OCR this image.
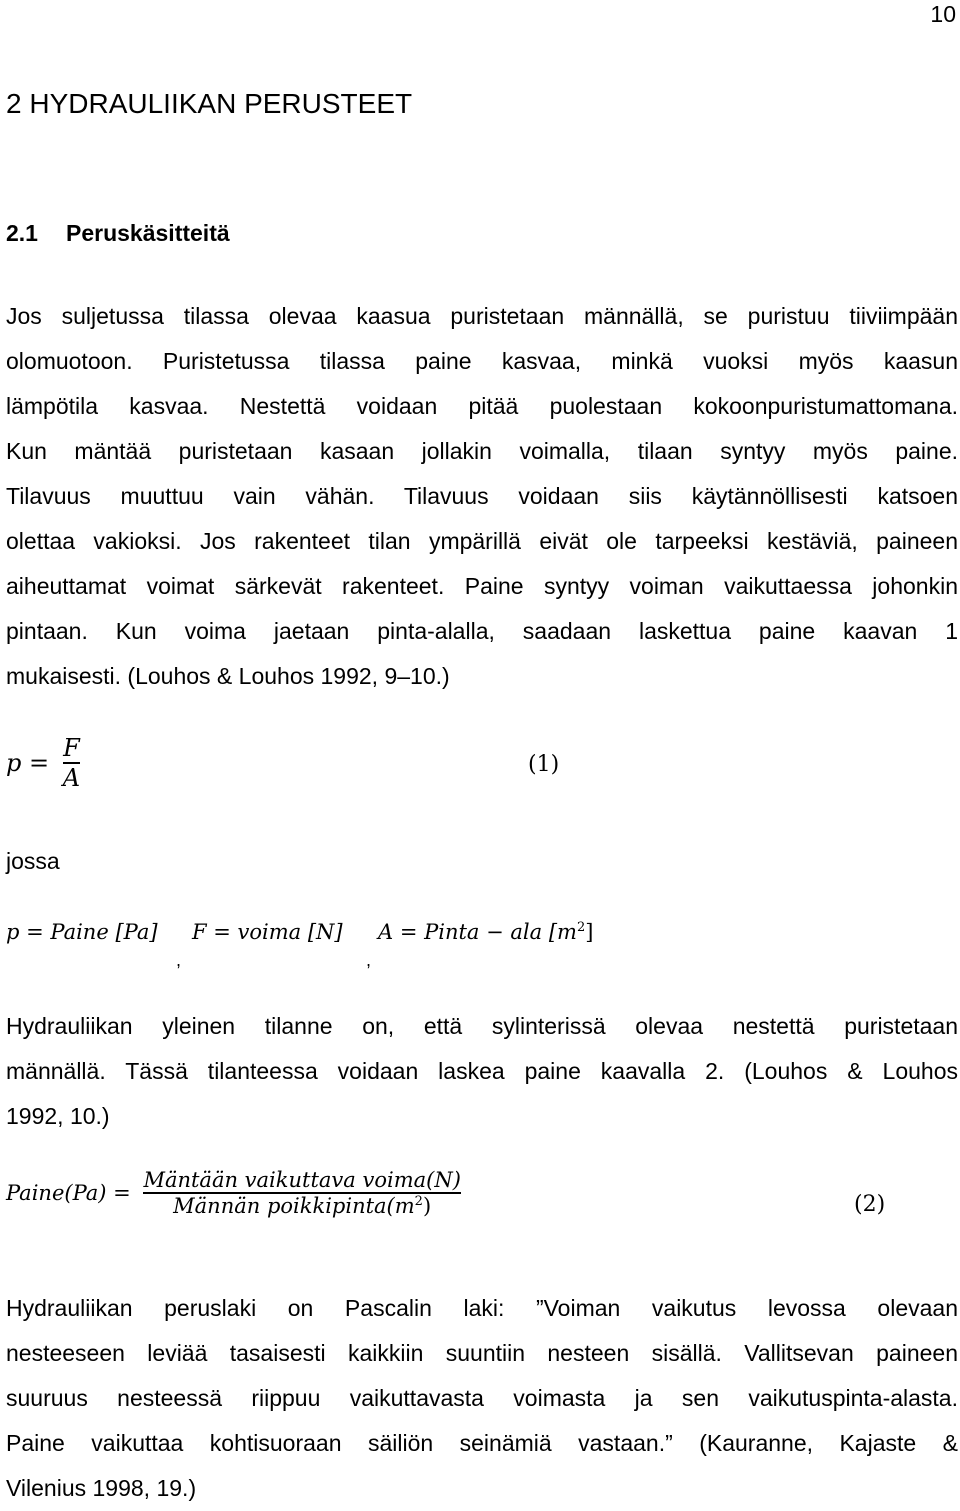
10
2 HYDRAULIIKAN PERUSTEET
2.1 Peruskäsitteitä

Jos suljetussa tilassa olevaa kaasua puristetaan männällä, se puristuu tiiviimpään
olomuotoon. Puristetussa tilassa paine kasvaa, minkä vuoksi myös kaasun
lämpötila kasvaa. Nestettä voidaan pitää puolestaan kokoonpuristumattomana.
Kun mäntää puristetaan kasaan jollakin voimalla, tilaan syntyy myös paine.
Tilavuus muuttuu vain vähän. Tilavuus voidaan siis käytännöllisesti katsoen
olettaa vakioksi. Jos rakenteet tilan ympärillä eivät ole tarpeeksi kestäviä, paineen
aiheuttamat voimat särkevät rakenteet. Paine syntyy voiman vaikuttaessa johonkin
pintaan. Kun voima jaetaan pinta-alalla, saadaan laskettua paine kaavan 1
mukaisesti. (Louhos & Louhos 1992, 9–10.)

$p = \frac{F}{A}$	(1)
jossa
p = Paine [Pa] F = voima [N] A = Pinta − ala $[m^2]$
,	,

Hydrauliikan yleinen tilanne on, että sylinterissä olevaa nestettä puristetaan
männällä. Tässä tilanteessa voidaan laskea paine kaavalla 2. (Louhos & Louhos
1992, 10.)

Paine(Pa) = $\frac{\text{Mäntään vaikuttava voima(N)}}{Männän poikkipinta(m^2)}$	(2)

Hydrauliikan peruslaki on Pascalin laki: ”Voiman vaikutus levossa olevaan
nesteeseen leviää tasaisesti kaikkiin suuntiin nesteen sisällä. Vallitsevan paineen
suuruus nesteessä riippuu vaikuttavasta voimasta ja sen vaikutuspinta-alasta.
Paine vaikuttaa kohtisuoraan säiliön seinämiä vastaan.” (Kauranne, Kajaste &
Vilenius 1998, 19.)
